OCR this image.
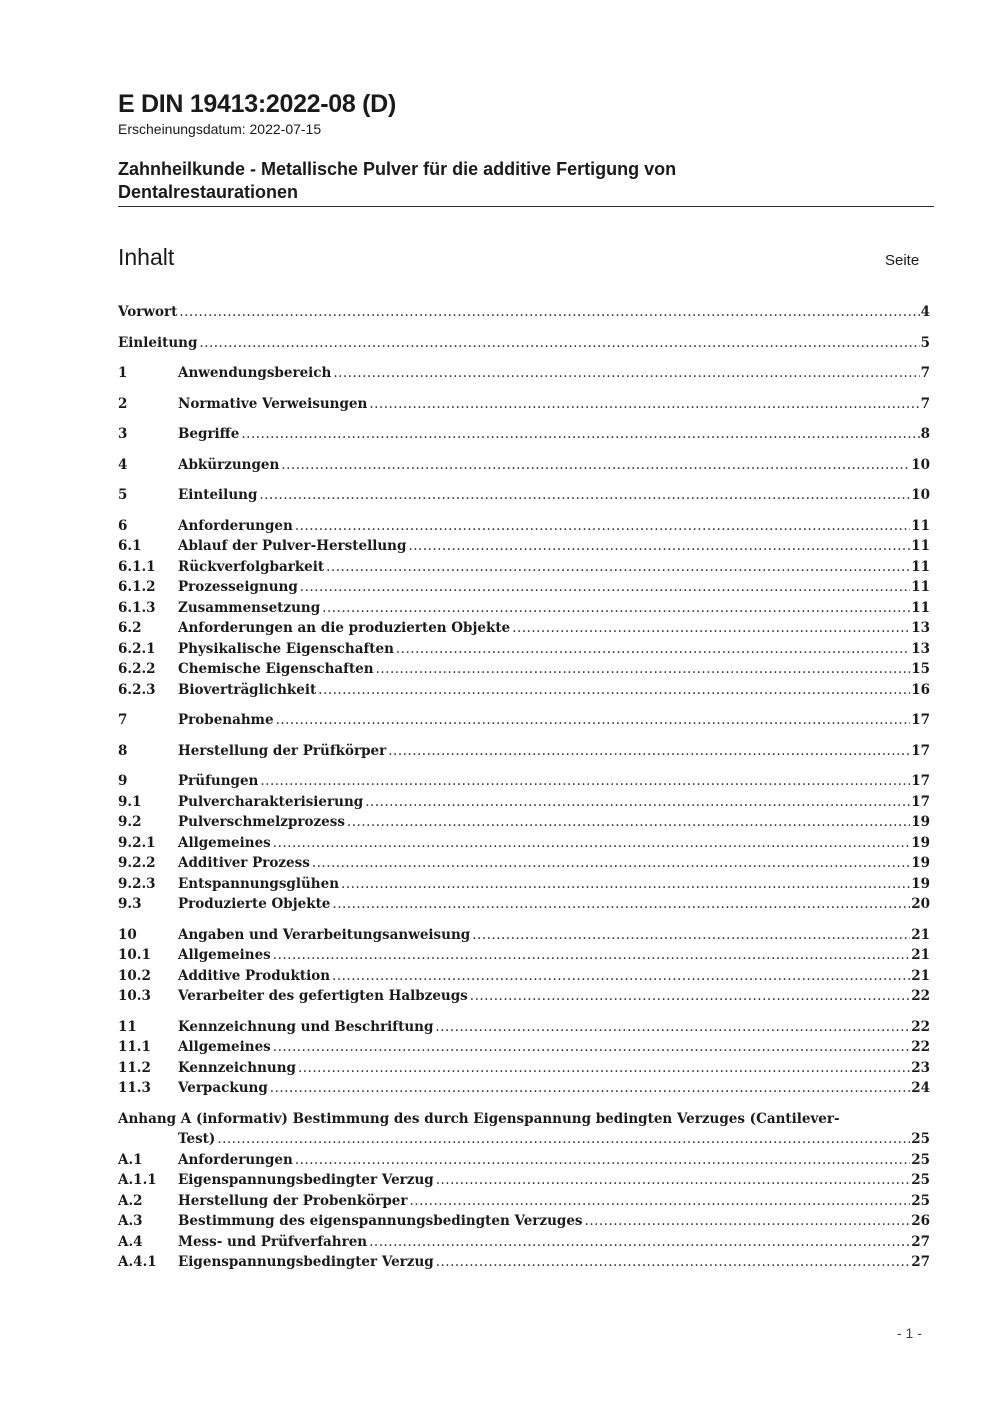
E DIN 19413:2022-08 (D)
Erscheinungsdatum: 2022-07-15
Zahnheilkunde - Metallische Pulver für die additive Fertigung von Dentalrestaurationen
Inhalt	Seite
Vorwort .....	4
Einleitung .....	5
1	Anwendungsbereich .....	7
2	Normative Verweisungen .....	7
3	Begriffe .....	8
4	Abkürzungen .....	10
5	Einteilung .....	10
6	Anforderungen .....	11
6.1	Ablauf der Pulver-Herstellung .....	11
6.1.1	Rückverfolgbarkeit .....	11
6.1.2	Prozesseignung .....	11
6.1.3	Zusammensetzung .....	11
6.2	Anforderungen an die produzierten Objekte .....	13
6.2.1	Physikalische Eigenschaften .....	13
6.2.2	Chemische Eigenschaften .....	15
6.2.3	Bioverträglichkeit .....	16
7	Probenahme .....	17
8	Herstellung der Prüfkörper .....	17
9	Prüfungen .....	17
9.1	Pulvercharakterisierung .....	17
9.2	Pulverschmelzprozess .....	19
9.2.1	Allgemeines .....	19
9.2.2	Additiver Prozess .....	19
9.2.3	Entspannungsglühen .....	19
9.3	Produzierte Objekte .....	20
10	Angaben und Verarbeitungsanweisung .....	21
10.1	Allgemeines .....	21
10.2	Additive Produktion .....	21
10.3	Verarbeiter des gefertigten Halbzeugs .....	22
11	Kennzeichnung und Beschriftung .....	22
11.1	Allgemeines .....	22
11.2	Kennzeichnung .....	23
11.3	Verpackung .....	24
Anhang A (informativ) Bestimmung des durch Eigenspannung bedingten Verzuges (Cantilever-
Test) .....	25
A.1	Anforderungen .....	25
A.1.1	Eigenspannungsbedingter Verzug .....	25
A.2	Herstellung der Probenkörper .....	25
A.3	Bestimmung des eigenspannungsbedingten Verzuges .....	26
A.4	Mess- und Prüfverfahren .....	27
A.4.1	Eigenspannungsbedingter Verzug .....	27
- 1 -
